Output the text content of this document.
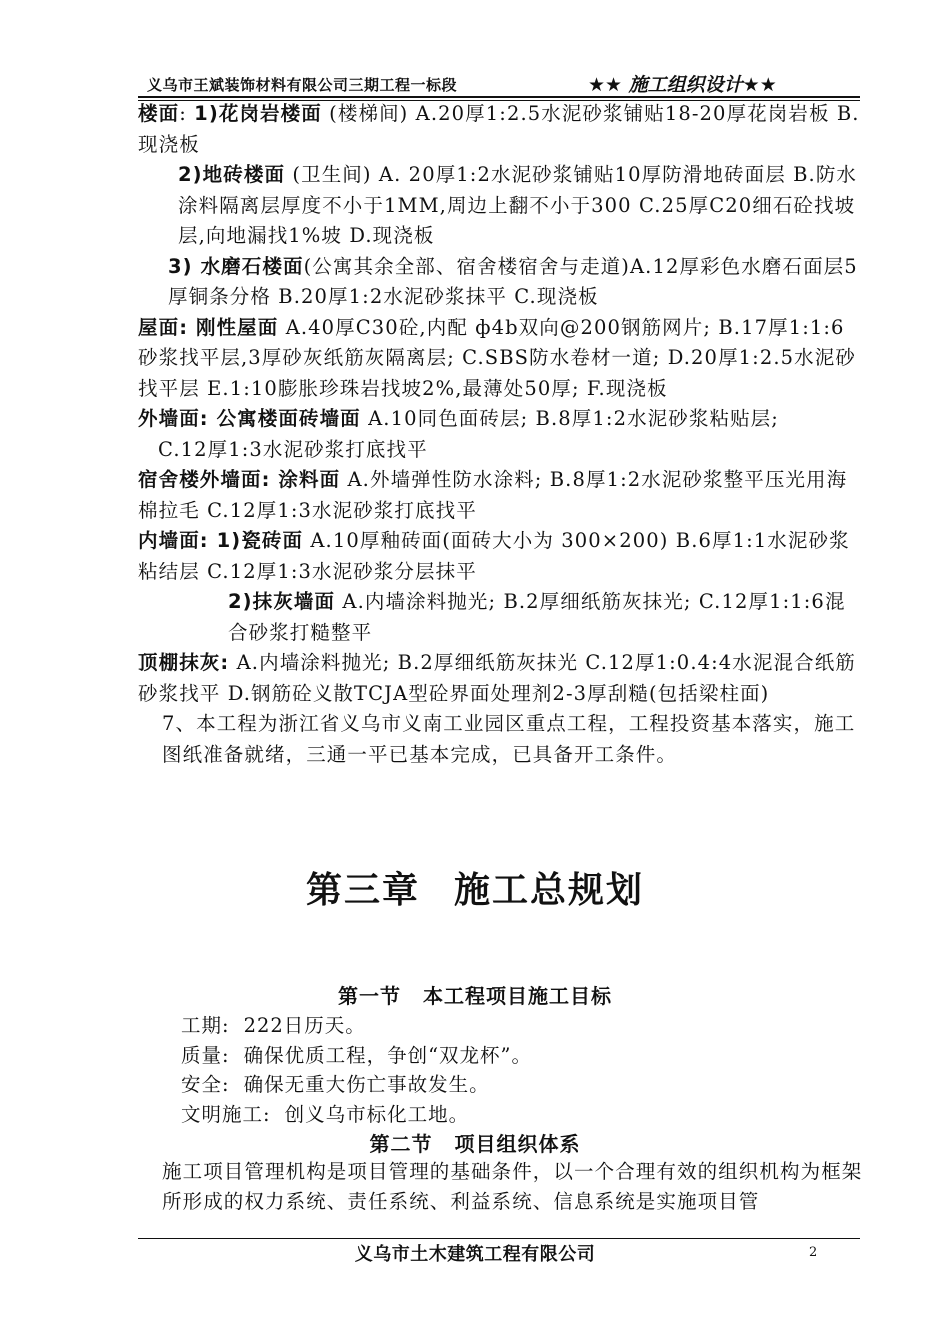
义乌市王斌装饰材料有限公司三期工程一标段	★★ 施工组织设计★★

楼面: 1)花岗岩楼面 (楼梯间) A.20厚1:2.5水泥砂浆铺贴18-20厚花岗岩板 B.现浇板

2)地砖楼面 (卫生间) A. 20厚1:2水泥砂浆铺贴10厚防滑地砖面层 B.防水涂料隔离层厚度不小于1MM,周边上翻不小于300 C.25厚C20细石砼找坡层,向地漏找1%坡 D.现浇板

3) 水磨石楼面(公寓其余全部、宿舍楼宿舍与走道)A.12厚彩色水磨石面层5厚铜条分格 B.20厚1:2水泥砂浆抹平 C.现浇板

屋面: 刚性屋面 A.40厚C30砼,内配 ф4b双向@200钢筋网片; B.17厚1:1:6砂浆找平层,3厚砂灰纸筋灰隔离层; C.SBS防水卷材一道; D.20厚1:2.5水泥砂找平层 E.1:10膨胀珍珠岩找坡2%,最薄处50厚; F.现浇板

外墙面: 公寓楼面砖墙面 A.10同色面砖层; B.8厚1:2水泥砂浆粘贴层;

C.12厚1:3水泥砂浆打底找平

宿舍楼外墙面: 涂料面 A.外墙弹性防水涂料; B.8厚1:2水泥砂浆整平压光用海棉拉毛 C.12厚1:3水泥砂浆打底找平

内墙面: 1)瓷砖面 A.10厚釉砖面(面砖大小为 300×200) B.6厚1:1水泥砂浆粘结层 C.12厚1:3水泥砂浆分层抹平

2)抹灰墙面 A.内墙涂料抛光; B.2厚细纸筋灰抹光; C.12厚1:1:6混合砂浆打糙整平

顶棚抹灰: A.内墙涂料抛光; B.2厚细纸筋灰抹光 C.12厚1:0.4:4水泥混合纸筋砂浆找平 D.钢筋砼义散TCJA型砼界面处理剂2-3厚刮糙(包括梁柱面)

7、本工程为浙江省义乌市义南工业园区重点工程，工程投资基本落实，施工图纸准备就绪，三通一平已基本完成，已具备开工条件。

第三章 施工总规划
第一节 本工程项目施工目标
工期: 222日历天。
质量: 确保优质工程，争创“双龙杯”。
安全: 确保无重大伤亡事故发生。
文明施工: 创义乌市标化工地。
第二节 项目组织体系

施工项目管理机构是项目管理的基础条件，以一个合理有效的组织机构为框架所形成的权力系统、责任系统、利益系统、信息系统是实施项目管

义乌市土木建筑工程有限公司	2
